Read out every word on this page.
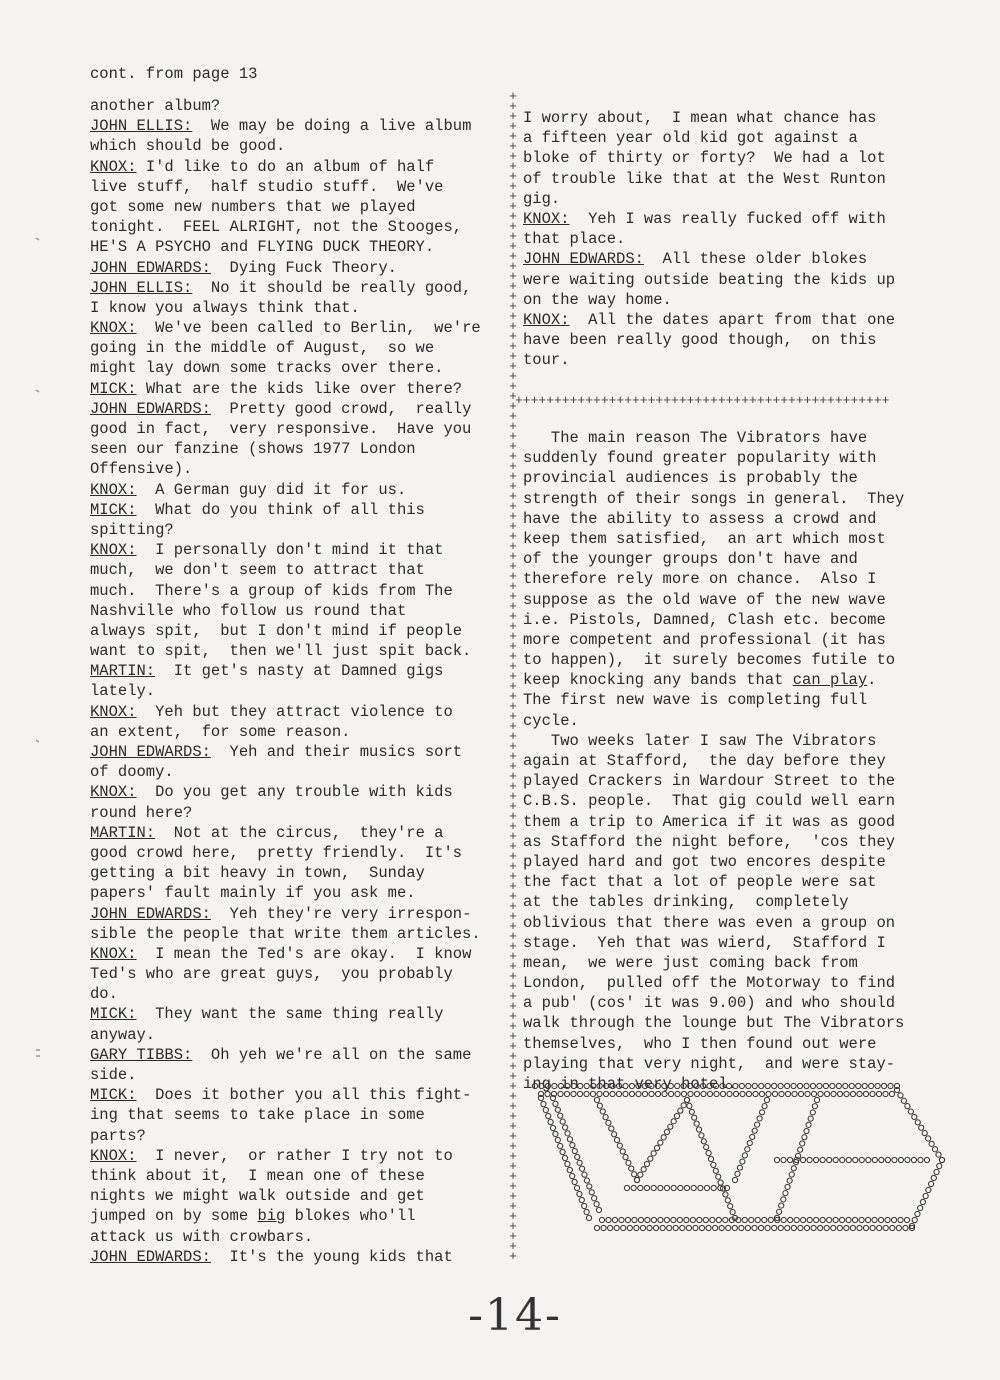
cont. from page 13
another album?
JOHN ELLIS:  We may be doing a live album
which should be good.
KNOX: I'd like to do an album of half
live stuff,  half studio stuff.  We've
got some new numbers that we played
tonight.  FEEL ALRIGHT, not the Stooges,
HE'S A PSYCHO and FLYING DUCK THEORY.
JOHN EDWARDS:  Dying Fuck Theory.
JOHN ELLIS:  No it should be really good,
I know you always think that.
KNOX:  We've been called to Berlin,  we're
going in the middle of August,  so we
might lay down some tracks over there.
MICK: What are the kids like over there?
JOHN EDWARDS:  Pretty good crowd,  really
good in fact,  very responsive.  Have you
seen our fanzine (shows 1977 London
Offensive).
KNOX:  A German guy did it for us.
MICK:  What do you think of all this
spitting?
KNOX:  I personally don't mind it that
much,  we don't seem to attract that
much.  There's a group of kids from The
Nashville who follow us round that
always spit,  but I don't mind if people
want to spit,  then we'll just spit back.
MARTIN:  It get's nasty at Damned gigs
lately.
KNOX:  Yeh but they attract violence to
an extent,  for some reason.
JOHN EDWARDS:  Yeh and their musics sort
of doomy.
KNOX:  Do you get any trouble with kids
round here?
MARTIN:  Not at the circus,  they're a
good crowd here,  pretty friendly.  It's
getting a bit heavy in town,  Sunday
papers' fault mainly if you ask me.
JOHN EDWARDS:  Yeh they're very irrespon-
sible the people that write them articles.
KNOX:  I mean the Ted's are okay.  I know
Ted's who are great guys,  you probably
do.
MICK:  They want the same thing really
anyway.
GARY TIBBS:  Oh yeh we're all on the same
side.
MICK:  Does it bother you all this fight-
ing that seems to take place in some
parts?
KNOX:  I never,  or rather I try not to
think about it,  I mean one of these
nights we might walk outside and get
jumped on by some big blokes who'll
attack us with crowbars.
JOHN EDWARDS:  It's the young kids that
+
+
+
+
+
+
+
+
+
+
+
+
+
+
+
+
+
+
+
+
+
+
+
+
+
+
+
+
+
+
+
+
+
+
+
+
+
+
+
+
+
+
+
+
+
+
+
+
+
+
+
+
+
+
+
+
+
+
+
+
+
+
+
+
+
+
+
+
+
+
+
+
+
+
+
+
+
+
+
+
+
+
+
+
+
+
+
+
+
+
+
+
+
+
+
+
+
+
+
+
+
+
+
+
+
+
+
+
+
+
+
+
+
+
+
+
+
I worry about,  I mean what chance has
a fifteen year old kid got against a
bloke of thirty or forty?  We had a lot
of trouble like that at the West Runton
gig.
KNOX:  Yeh I was really fucked off with
that place.
JOHN EDWARDS:  All these older blokes
were waiting outside beating the kids up
on the way home.
KNOX:  All the dates apart from that one
have been really good though,  on this
tour.
++++++++++++++++++++++++++++++++++++++++++++++++
The main reason The Vibrators have
suddenly found greater popularity with
provincial audiences is probably the
strength of their songs in general.  They
have the ability to assess a crowd and
keep them satisfied,  an art which most
of the younger groups don't have and
therefore rely more on chance.  Also I
suppose as the old wave of the new wave
i.e. Pistols, Damned, Clash etc. become
more competent and professional (it has
to happen),  it surely becomes futile to
keep knocking any bands that can play.
The first new wave is completing full
cycle.
Two weeks later I saw The Vibrators
again at Stafford,  the day before they
played Crackers in Wardour Street to the
C.B.S. people.  That gig could well earn
them a trip to America if it was as good
as Stafford the night before,  'cos they
played hard and got two encores despite
the fact that a lot of people were sat
at the tables drinking,  completely
oblivious that there was even a group on
stage.  Yeh that was wierd,  Stafford I
mean,  we were just coming back from
London,  pulled off the Motorway to find
a pub' (cos' it was 9.00) and who should
walk through the lounge but The Vibrators
themselves,  who I then found out were
playing that very night,  and were stay-
ing in that very hotel.
-14-
